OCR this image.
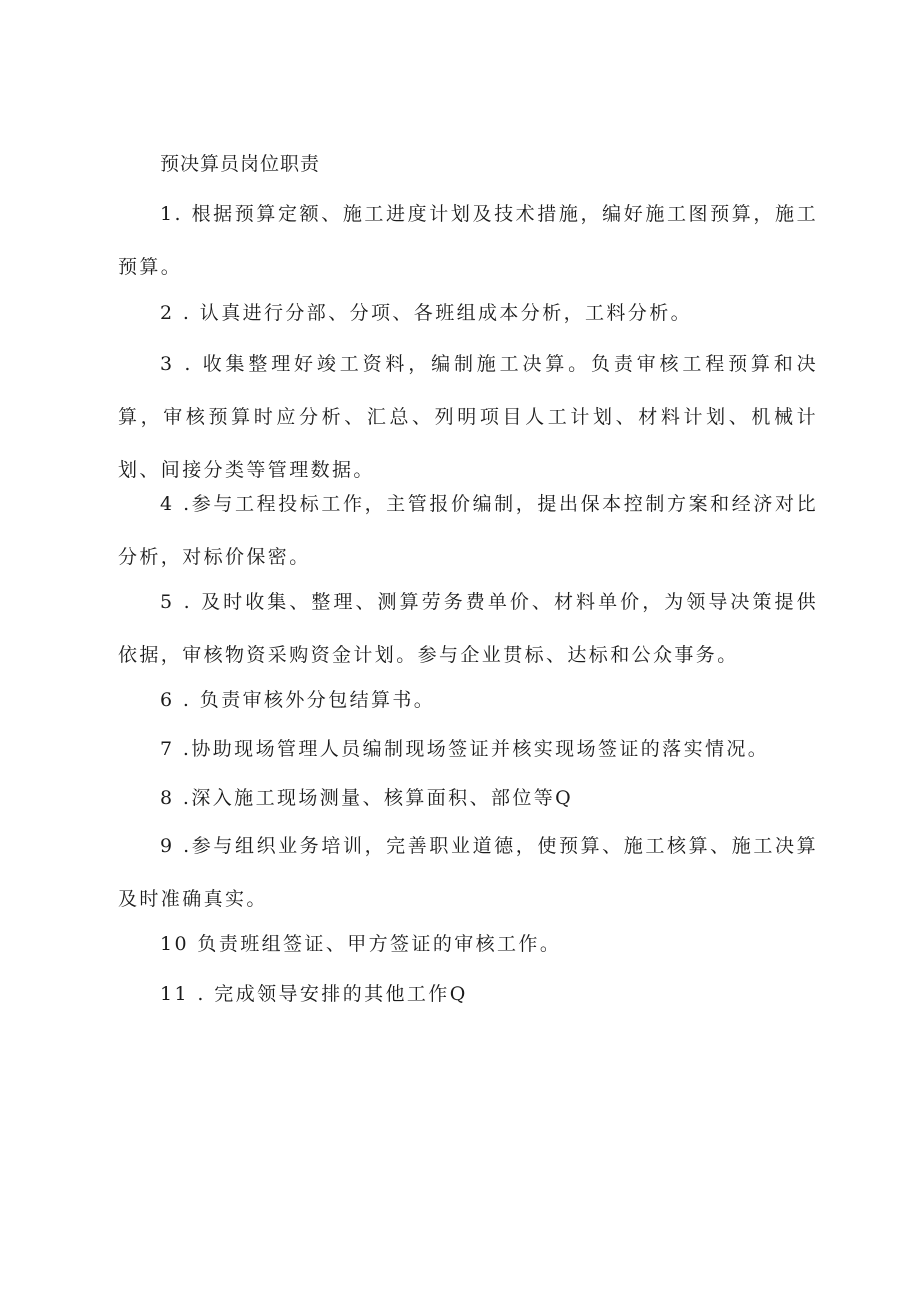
预决算员岗位职责

1. 根据预算定额、施工进度计划及技术措施，编好施工图预算，施工预算。

2 . 认真进行分部、分项、各班组成本分析，工料分析。

3 . 收集整理好竣工资料，编制施工决算。负责审核工程预算和决算，审核预算时应分析、汇总、列明项目人工计划、材料计划、机械计划、间接分类等管理数据。

4 .参与工程投标工作，主管报价编制，提出保本控制方案和经济对比分析，对标价保密。

5 . 及时收集、整理、测算劳务费单价、材料单价，为领导决策提供依据，审核物资采购资金计划。参与企业贯标、达标和公众事务。

6 . 负责审核外分包结算书。

7 .协助现场管理人员编制现场签证并核实现场签证的落实情况。

8 .深入施工现场测量、核算面积、部位等Q

9 .参与组织业务培训，完善职业道德，使预算、施工核算、施工决算及时准确真实。

10 负责班组签证、甲方签证的审核工作。

11 . 完成领导安排的其他工作Q
